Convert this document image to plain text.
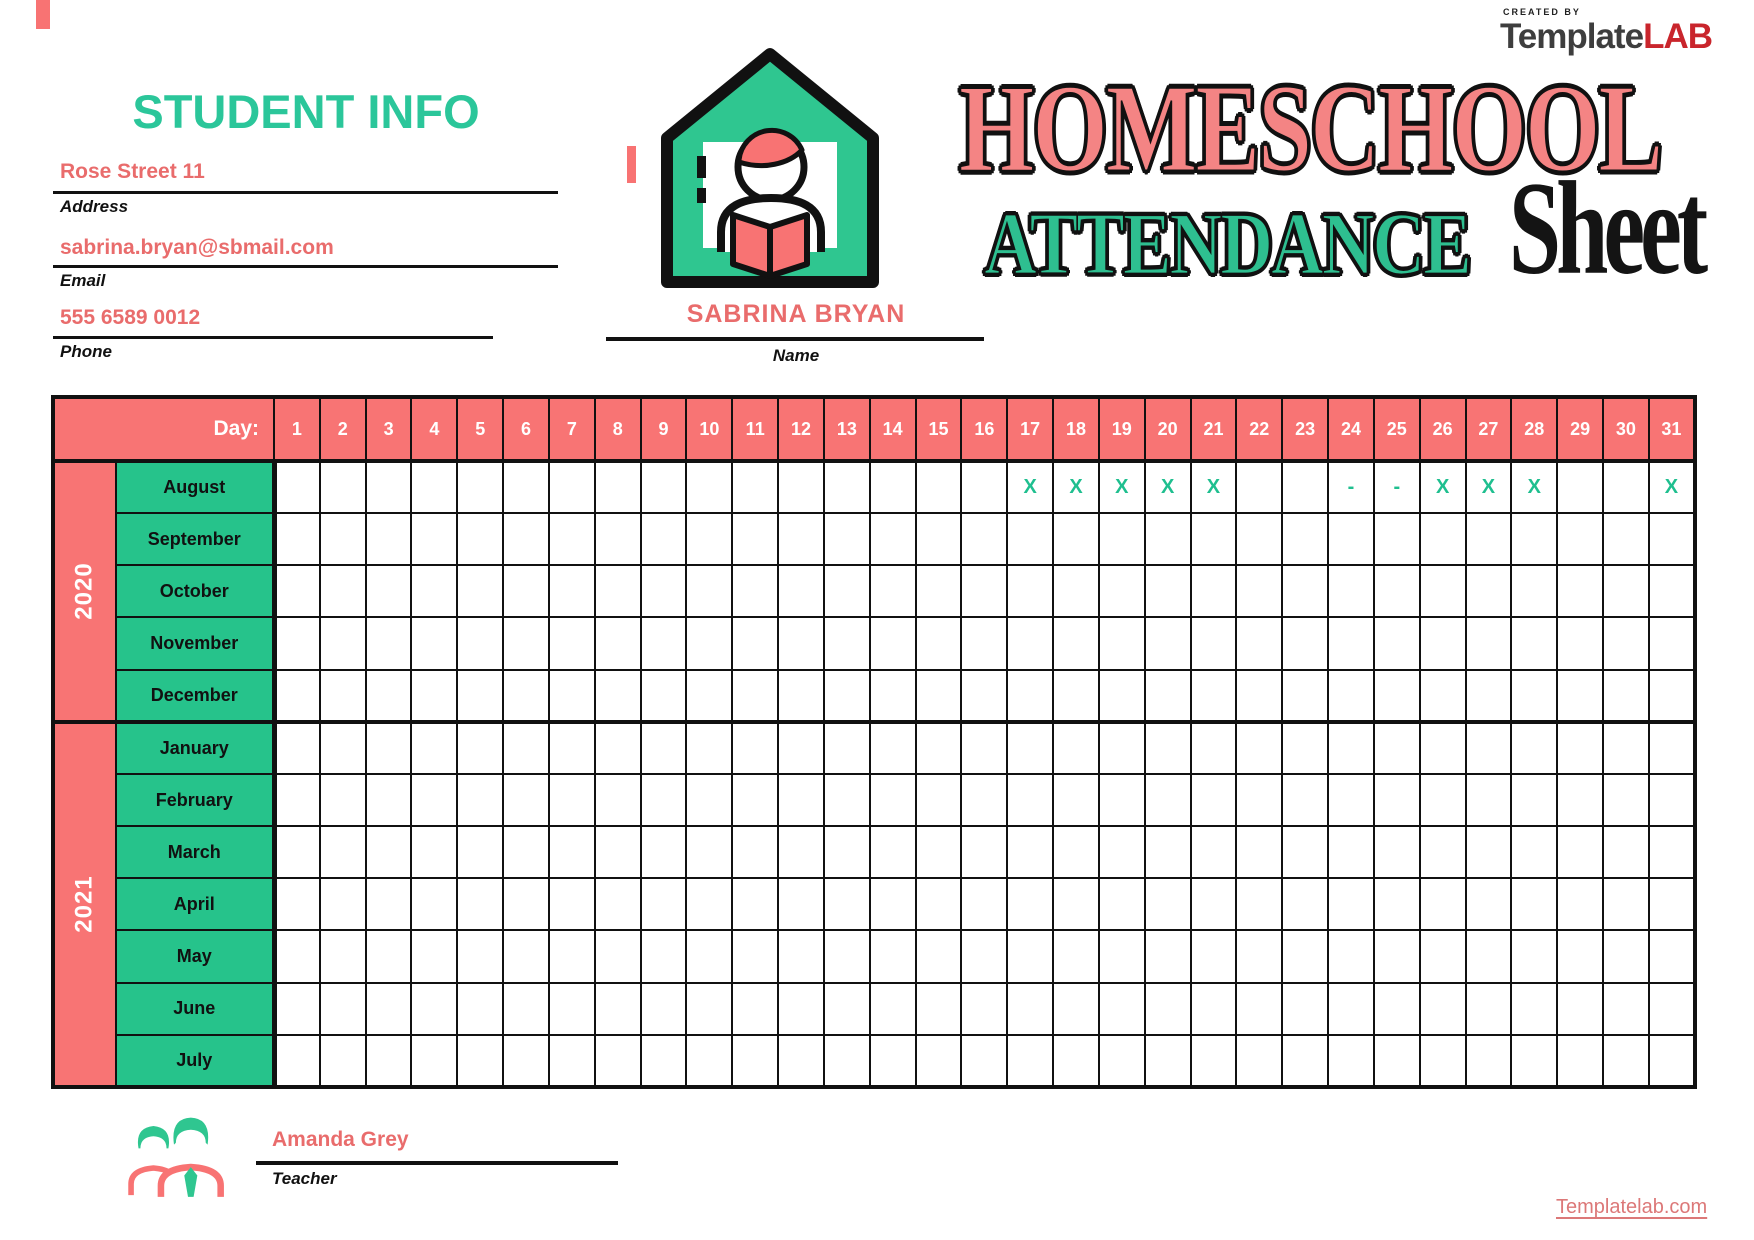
STUDENT INFO
Rose Street 11
Address
sabrina.bryan@sbmail.com
Email
555 6589 0012
Phone
SABRINA BRYAN
Name
CREATED BY
TemplateLAB
HOMESCHOOL
ATTENDANCE Sheet
Day:		1	2	3	4	5	6	7	8	9	10	11	12	13	14	15	16	17	18	19	20	21	22	23	24	25	26	27	28	29	30	31
2020	August																	X	X	X	X	X			-	-	X	X	X			X
	September																															
	October																															
	November																															
	December																															
2021	January																															
	February																															
	March																															
	April																															
	May																															
	June																															
	July																															
Amanda Grey
Teacher
Templatelab.com
